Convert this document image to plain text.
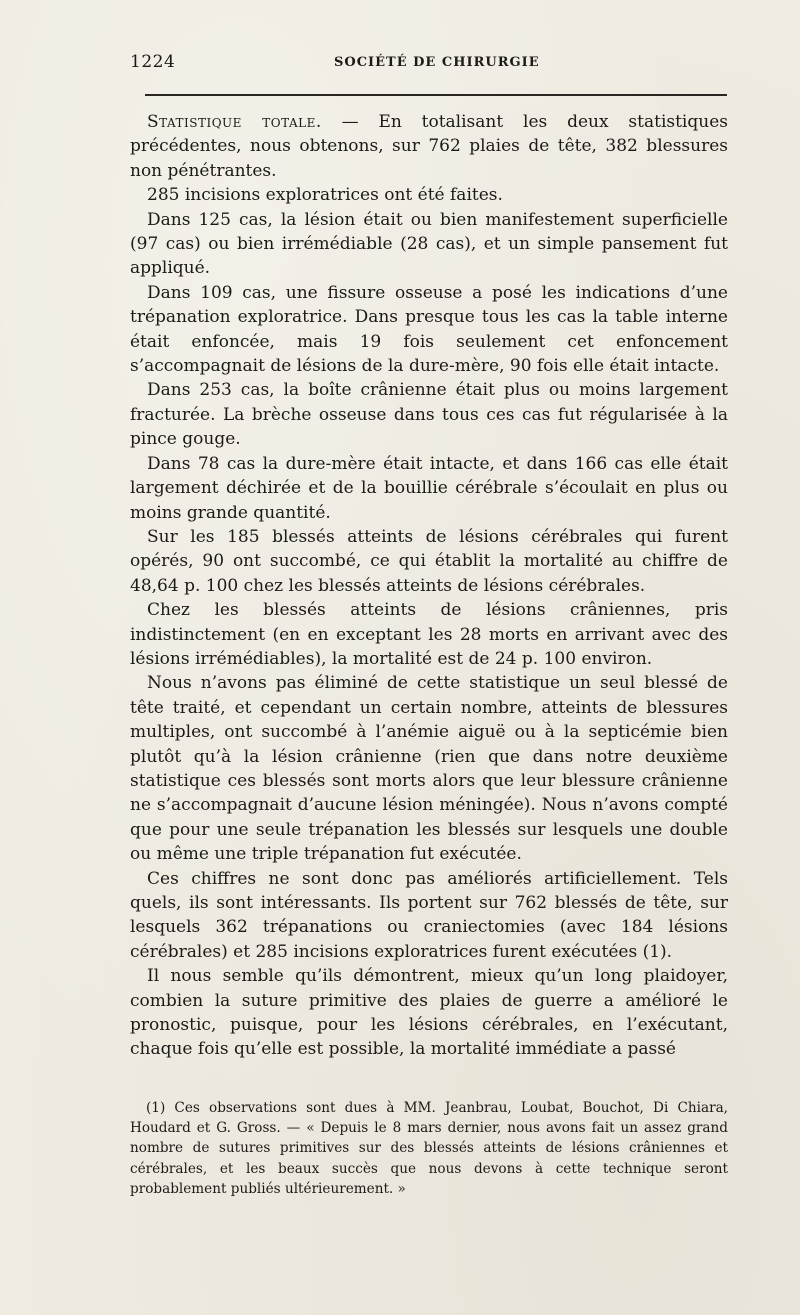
1224	SOCIÉTÉ DE CHIRURGIE

Statistique totale. — En totalisant les deux statistiques précédentes, nous obtenons, sur 762 plaies de tête, 382 blessures non pénétrantes.

285 incisions exploratrices ont été faites.

Dans 125 cas, la lésion était ou bien manifestement superficielle (97 cas) ou bien irrémédiable (28 cas), et un simple pansement fut appliqué.

Dans 109 cas, une fissure osseuse a posé les indications d’une trépanation exploratrice. Dans presque tous les cas la table interne était enfoncée, mais 19 fois seulement cet enfoncement s’accompagnait de lésions de la dure-mère, 90 fois elle était intacte.

Dans 253 cas, la boîte crânienne était plus ou moins largement fracturée. La brèche osseuse dans tous ces cas fut régularisée à la pince gouge.

Dans 78 cas la dure-mère était intacte, et dans 166 cas elle était largement déchirée et de la bouillie cérébrale s’écoulait en plus ou moins grande quantité.

Sur les 185 blessés atteints de lésions cérébrales qui furent opérés, 90 ont succombé, ce qui établit la mortalité au chiffre de 48,64 p. 100 chez les blessés atteints de lésions cérébrales.

Chez les blessés atteints de lésions crâniennes, pris indistinctement (en en exceptant les 28 morts en arrivant avec des lésions irrémédiables), la mortalité est de 24 p. 100 environ.

Nous n’avons pas éliminé de cette statistique un seul blessé de tête traité, et cependant un certain nombre, atteints de blessures multiples, ont succombé à l’anémie aiguë ou à la septicémie bien plutôt qu’à la lésion crânienne (rien que dans notre deuxième statistique ces blessés sont morts alors que leur blessure crânienne ne s’accompagnait d’aucune lésion méningée). Nous n’avons compté que pour une seule trépanation les blessés sur lesquels une double ou même une triple trépanation fut exécutée.

Ces chiffres ne sont donc pas améliorés artificiellement. Tels quels, ils sont intéressants. Ils portent sur 762 blessés de tête, sur lesquels 362 trépanations ou craniectomies (avec 184 lésions cérébrales) et 285 incisions exploratrices furent exécutées (1).

Il nous semble qu’ils démontrent, mieux qu’un long plaidoyer, combien la suture primitive des plaies de guerre a amélioré le pronostic, puisque, pour les lésions cérébrales, en l’exécutant, chaque fois qu’elle est possible, la mortalité immédiate a passé

(1) Ces observations sont dues à MM. Jeanbrau, Loubat, Bouchot, Di Chiara, Houdard et G. Gross. — « Depuis le 8 mars dernier, nous avons fait un assez grand nombre de sutures primitives sur des blessés atteints de lésions crâniennes et cérébrales, et les beaux succès que nous devons à cette technique seront probablement publiés ultérieurement. »
